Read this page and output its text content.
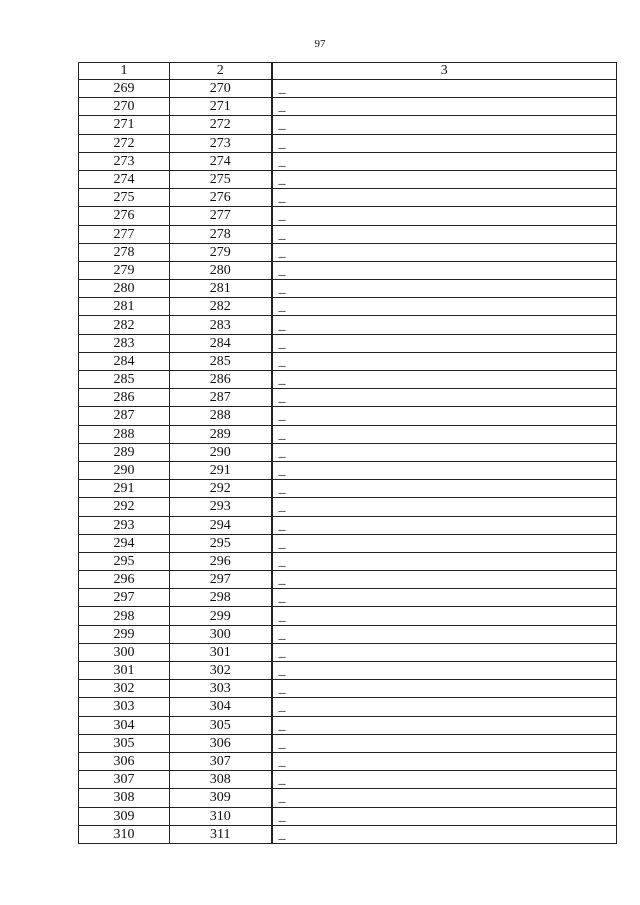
97
1	2	3
269	270	_
270	271	_
271	272	_
272	273	_
273	274	_
274	275	_
275	276	_
276	277	_
277	278	_
278	279	_
279	280	_
280	281	_
281	282	_
282	283	_
283	284	_
284	285	_
285	286	_
286	287	_
287	288	_
288	289	_
289	290	_
290	291	_
291	292	_
292	293	_
293	294	_
294	295	_
295	296	_
296	297	_
297	298	_
298	299	_
299	300	_
300	301	_
301	302	_
302	303	_
303	304	_
304	305	_
305	306	_
306	307	_
307	308	_
308	309	_
309	310	_
310	311	_
